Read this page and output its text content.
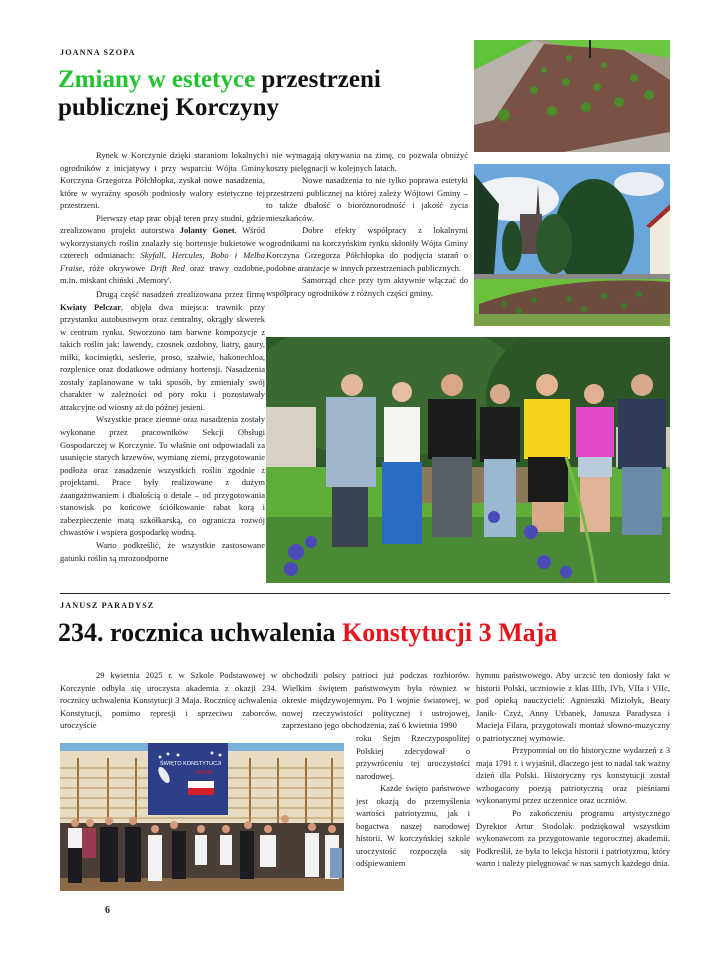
JOANNA SZOPA
Zmiany w estetyce przestrzeni
publicznej Korczyny

Rynek w Korczynie dzięki staraniom lokalnych ogrodników z inicjatywy i przy wsparciu Wójta Gminy Korczyna Grzegorza Półchłopka, zyskał nowe nasadzenia, które w wyraźny sposób podniosły walory estetyczne tej przestrzeni.

Pierwszy etap prac objął teren przy studni, gdzie zrealizowano projekt autorstwa Jolanty Gonet. Wśród wykorzystanych roślin znalazły się hortensje bukietowe w czterech odmianach: Skyfall, Hercules, Bobo i Melba Fraise, róże okrywowe Drift Red oraz trawy ozdobne, m.in. miskant chiński ‚Memory'.

Drugą część nasadzeń zrealizowana przez firmę Kwiaty Pelczar, objęła dwa miejsca: trawnik przy przystanku autobusowym oraz centralny, okrągły skwerek w centrum rynku. Stworzono tam barwne kompozycje z takich roślin jak: lawendy, czosnek ozdobny, liatry, gaury, miłki, kocimiętki, seslerie, proso, szałwie, hakonechloa, rozplenice oraz dodatkowe odmiany hortensji. Nasadzenia zostały zaplanowane w taki sposób, by zmieniały swój charakter w zależności od pory roku i pozostawały atrakcyjne od wiosny aż do późnej jesieni.

Wszystkie prace ziemne oraz nasadzenia zostały wykonane przez pracowników Sekcji Obsługi Gospodarczej w Korczynie. To właśnie oni odpowiadali za usunięcie starych krzewów, wymianę ziemi, przygotowanie podłoża oraz zasadzenie wszystkich roślin zgodnie z projektami. Prace były realizowane z dużym zaangażowaniem i dbałością o detale – od przygotowania stanowisk po końcowe ściółkowanie rabat korą i zabezpieczenie matą szkółkarską, co ogranicza rozwój chwastów i wspiera gospodarkę wodną.

Warto podkreślić, że wszystkie zastosowane gatunki roślin są mrozoodporne

i nie wymagają okrywania na zimę, co pozwala obniżyć koszty pielęgnacji w kolejnych latach.

Nowe nasadzenia to nie tylko poprawa estetyki przestrzeni publicznej na której zależy Wójtowi Gminy – to także dbałość o bioróżnorodność i jakość życia mieszkańców.

Dobre efekty współpracy z lokalnymi ogrodnikami na korczyńskim rynku skłoniły Wójta Gminy Korczyna Grzegorza Półchłopka do podjęcia starań o podobne aranżacje w innych przestrzeniach publicznych.

Samorząd chce przy tym aktywnie włączać do współpracy ogrodników z różnych części gminy.

JANUSZ PARADYSZ
234. rocznica uchwalenia Konstytucji 3 Maja

29 kwietnia 2025 r. w Szkole Podstawowej w Korczynie odbyła się uroczysta akademia z okazji 234. rocznicy uchwalenia Konstytucji 3 Maja. Rocznicę uchwalenia Konstytucji, pomimo represji i sprzeciwu zaborców, uroczyście

obchodzili polscy patrioci już podczas rozbiorów. Wielkim świętem państwowym była również w okresie międzywojennym. Po I wojnie światowej, w nowej rzeczywistości politycznej i ustrojowej, zaprzestano jego obchodzenia, zaś 6 kwietnia 1990

roku Sejm Rzeczypospolitej Polskiej zdecydował o przywróceniu tej uroczystości narodowej.

Każde święto państwowe jest okazją do przemyślenia wartości patriotyzmu, jak i bogactwa naszej narodowej historii. W korczyńskiej szkole uroczystość rozpoczęła się odśpiewaniem

hymnu państwowego. Aby uczcić ten doniosły fakt w historii Polski, uczniowie z klas IIIb, IVb, VIIa i VIIc, pod opieką nauczycieli: Agnieszki Miziołyk, Beaty Janik- Czyż, Anny Urbanek, Janusza Paradysza i Macieja Filara, przygotowali montaż słowno-muzyczny o patriotycznej wymowie.

Przypomniał on tło historyczne wydarzeń z 3 maja 1791 r. i wyjaśnił, dlaczego jest to nadal tak ważny dzień dla Polski. Historyczny rys konstytucji został wzbogacony poezją patriotyczną oraz pieśniami wykonanymi przez uczennice oraz uczniów.

Po zakończeniu programu artystycznego Dyrektor Artur Stodolak podziękował wszystkim wykonawcom za przygotowanie tegorocznej akademii. Podkreślił, że była to lekcja historii i patriotyzmu, który warto i należy pielęgnować w nas samych każdego dnia.

ŚWIĘTO KONSTYTUCJI
3 MAJA
6
